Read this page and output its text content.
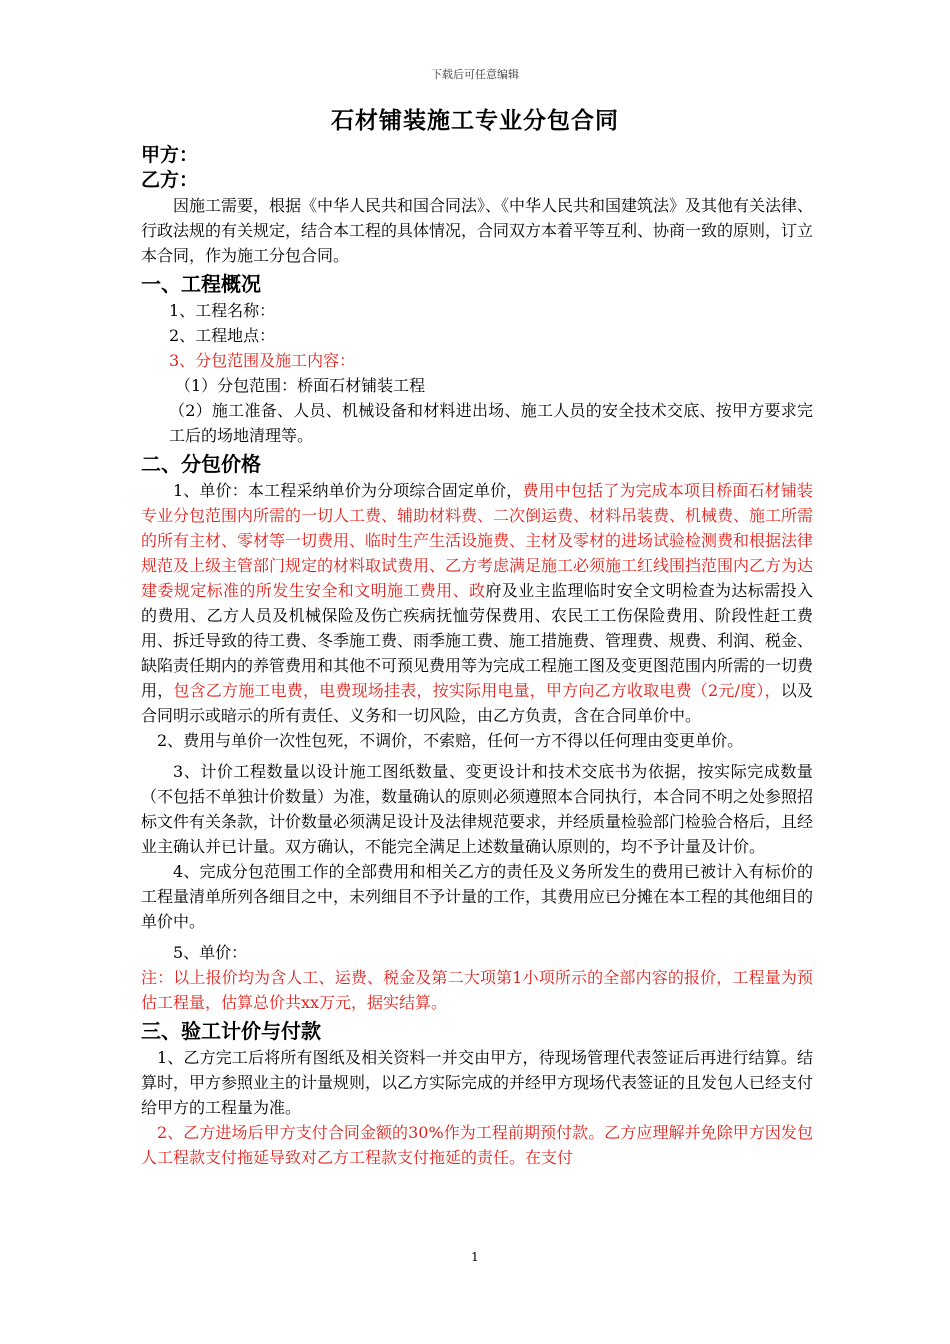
下载后可任意编辑
石材铺装施工专业分包合同
甲方：
乙方：

因施工需要，根据《中华人民共和国合同法》、《中华人民共和国建筑法》及其他有关法律、行政法规的有关规定，结合本工程的具体情况，合同双方本着平等互利、协商一致的原则，订立本合同，作为施工分包合同。

一、工程概况

1、工程名称：

2、工程地点：

3、分包范围及施工内容：

（1）分包范围：桥面石材铺装工程

（2）施工准备、人员、机械设备和材料进出场、施工人员的安全技术交底、按甲方要求完工后的场地清理等。

二、分包价格

1、单价：本工程采纳单价为分项综合固定单价，费用中包括了为完成本项目桥面石材铺装专业分包范围内所需的一切人工费、辅助材料费、二次倒运费、材料吊装费、机械费、施工所需的所有主材、零材等一切费用、临时生产生活设施费、主材及零材的进场试验检测费和根据法律规范及上级主管部门规定的材料取试费用、乙方考虑满足施工必须施工红线围挡范围内乙方为达建委规定标准的所发生安全和文明施工费用、政府及业主监理临时安全文明检查为达标需投入的费用、乙方人员及机械保险及伤亡疾病抚恤劳保费用、农民工工伤保险费用、阶段性赶工费用、拆迁导致的待工费、冬季施工费、雨季施工费、施工措施费、管理费、规费、利润、税金、缺陷责任期内的养管费用和其他不可预见费用等为完成工程施工图及变更图范围内所需的一切费用，包含乙方施工电费，电费现场挂表，按实际用电量，甲方向乙方收取电费（2元/度），以及合同明示或暗示的所有责任、义务和一切风险，由乙方负责，含在合同单价中。

2、费用与单价一次性包死，不调价，不索赔，任何一方不得以任何理由变更单价。

3、计价工程数量以设计施工图纸数量、变更设计和技术交底书为依据，按实际完成数量（不包括不单独计价数量）为准，数量确认的原则必须遵照本合同执行，本合同不明之处参照招标文件有关条款，计价数量必须满足设计及法律规范要求，并经质量检验部门检验合格后，且经业主确认并已计量。双方确认，不能完全满足上述数量确认原则的，均不予计量及计价。

4、完成分包范围工作的全部费用和相关乙方的责任及义务所发生的费用已被计入有标价的工程量清单所列各细目之中，未列细目不予计量的工作，其费用应已分摊在本工程的其他细目的单价中。

5、单价：

注：以上报价均为含人工、运费、税金及第二大项第1小项所示的全部内容的报价，工程量为预估工程量，估算总价共xx万元，据实结算。

三、验工计价与付款

1、乙方完工后将所有图纸及相关资料一并交由甲方，待现场管理代表签证后再进行结算。结算时，甲方参照业主的计量规则，以乙方实际完成的并经甲方现场代表签证的且发包人已经支付给甲方的工程量为准。

2、乙方进场后甲方支付合同金额的30%作为工程前期预付款。乙方应理解并免除甲方因发包人工程款支付拖延导致对乙方工程款支付拖延的责任。在支付

1
